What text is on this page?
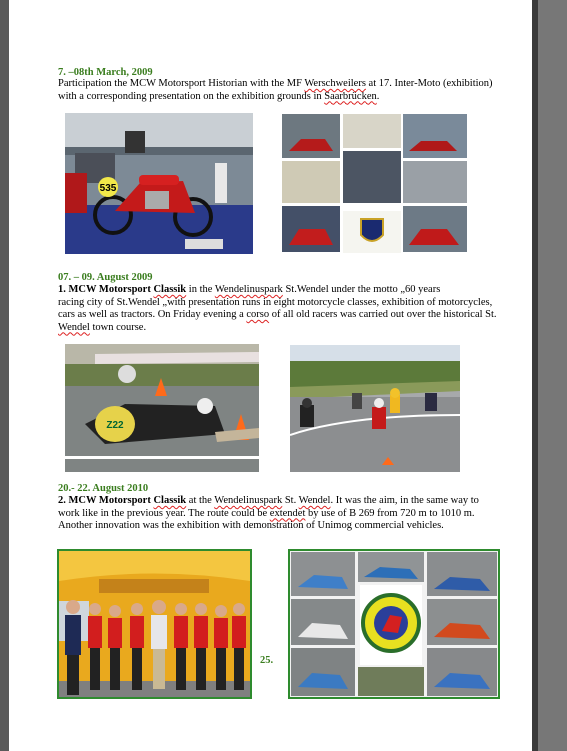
7. –08th March, 2009
Participation the MCW Motorsport Historian with the MF Werschweilers at 17. Inter-Moto (exhibition)
with a corresponding presentation on the exhibition grounds in Saarbrücken.
535
07. – 09. August 2009
1. MCW Motorsport Classik in the Wendelinuspark St.Wendel under the motto „60 years
racing city of St.Wendel „with presentation runs in eight motorcycle classes, exhibition of motorcycles,
cars as well as tractors. On Friday evening a corso of all old racers was carried out over the historical St.
Wendel town course.
Z22
20.- 22. August 2010
2. MCW Motorsport Classik at the Wendelinuspark St. Wendel. It was the aim, in the same way to
work like in the previous year. The route could be extendet by use of B 269 from 720 m to 1010 m.
Another innovation was the exhibition with demonstration of Unimog commercial vehicles.
25.
